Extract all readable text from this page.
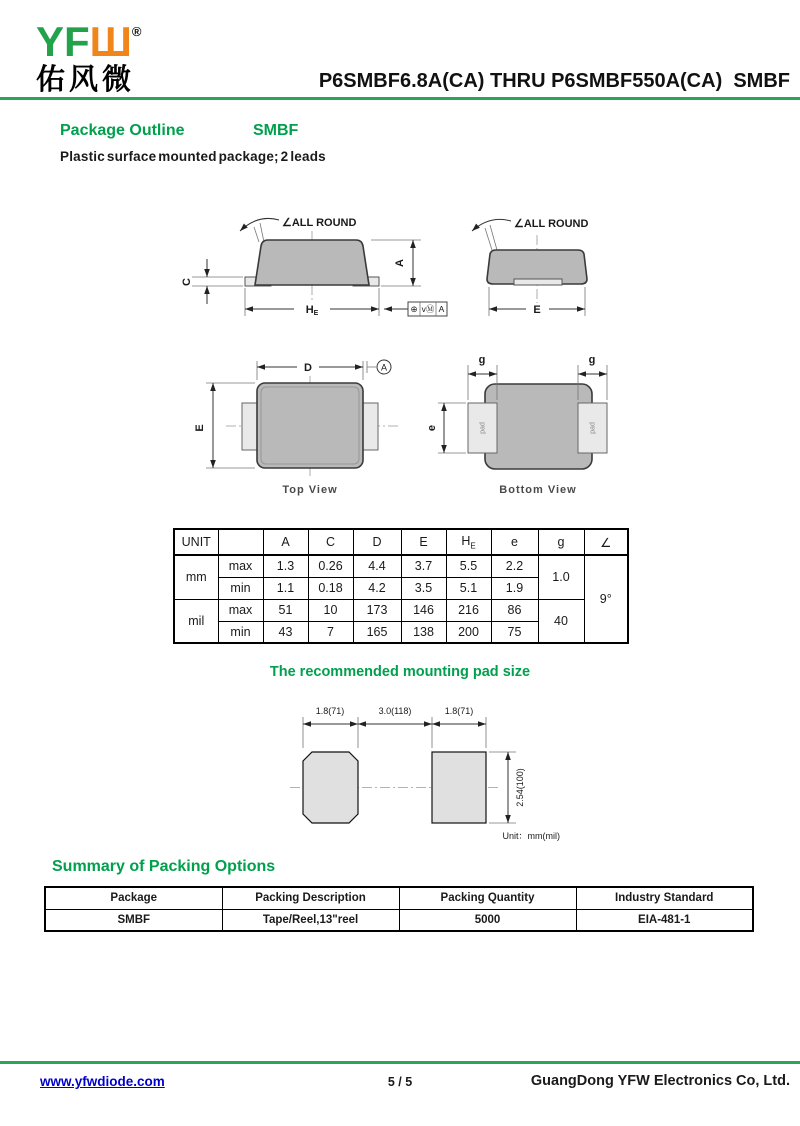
YFШ®
佑风微	P6SMBF6.8A(CA) THRU P6SMBF550A(CA)  SMBF
Package Outline	SMBF
Plastic surface mounted package; 2 leads
∠ALL ROUND
C
A
HE	⊕ vⓂ A
∠ALL ROUND
E
D	A
E
Top View
pad	pad
g	g
e
Bottom View
UNIT		A	C	D	E	$H_E$	e	g	∠
mm	max	1.3	0.26	4.4	3.7	5.5	2.2	1.0	9°
	min	1.1	0.18	4.2	3.5	5.1	1.9		
mil	max	51	10	173	146	216	86	40	
	min	43	7	165	138	200	75		
The recommended mounting pad size
1.8(71)	3.0(118)	1.8(71)
2.54(100)
Unit：mm(mil)
Summary of Packing Options
Package	Packing Description	Packing Quantity	Industry Standard
SMBF	Tape/Reel,13"reel	5000	EIA-481-1
www.yfwdiode.com	5 / 5	GuangDong YFW Electronics Co, Ltd.
